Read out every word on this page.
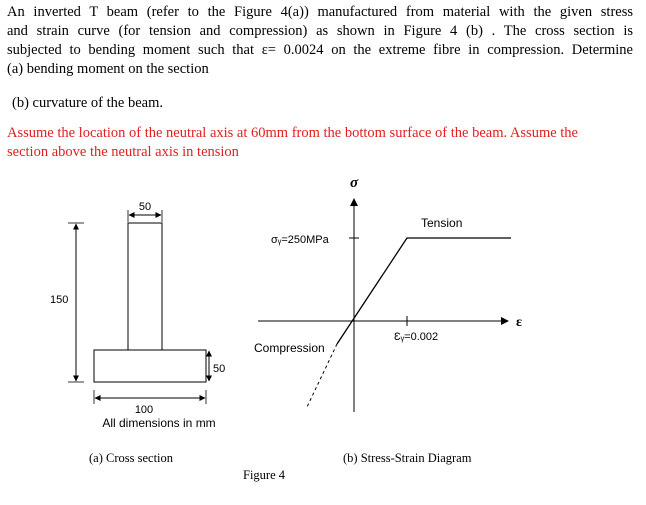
An inverted T beam (refer to the Figure 4(a)) manufactured from material with the given stress
and strain curve (for tension and compression) as shown in Figure 4 (b) . The cross section is
subjected to bending moment such that ε= 0.0024 on the extreme fibre in compression. Determine
(a) bending moment on the section
(b) curvature of the beam.
Assume the location of the neutral axis at 60mm from the bottom surface of the beam. Assume the
section above the neutral axis in tension
50
150
50
100
All dimensions in mm
(a) Cross section
σ
ε
Tension
σᵧ=250MPa
Ɛᵧ=0.002
Compression
(b) Stress-Strain Diagram
Figure 4
